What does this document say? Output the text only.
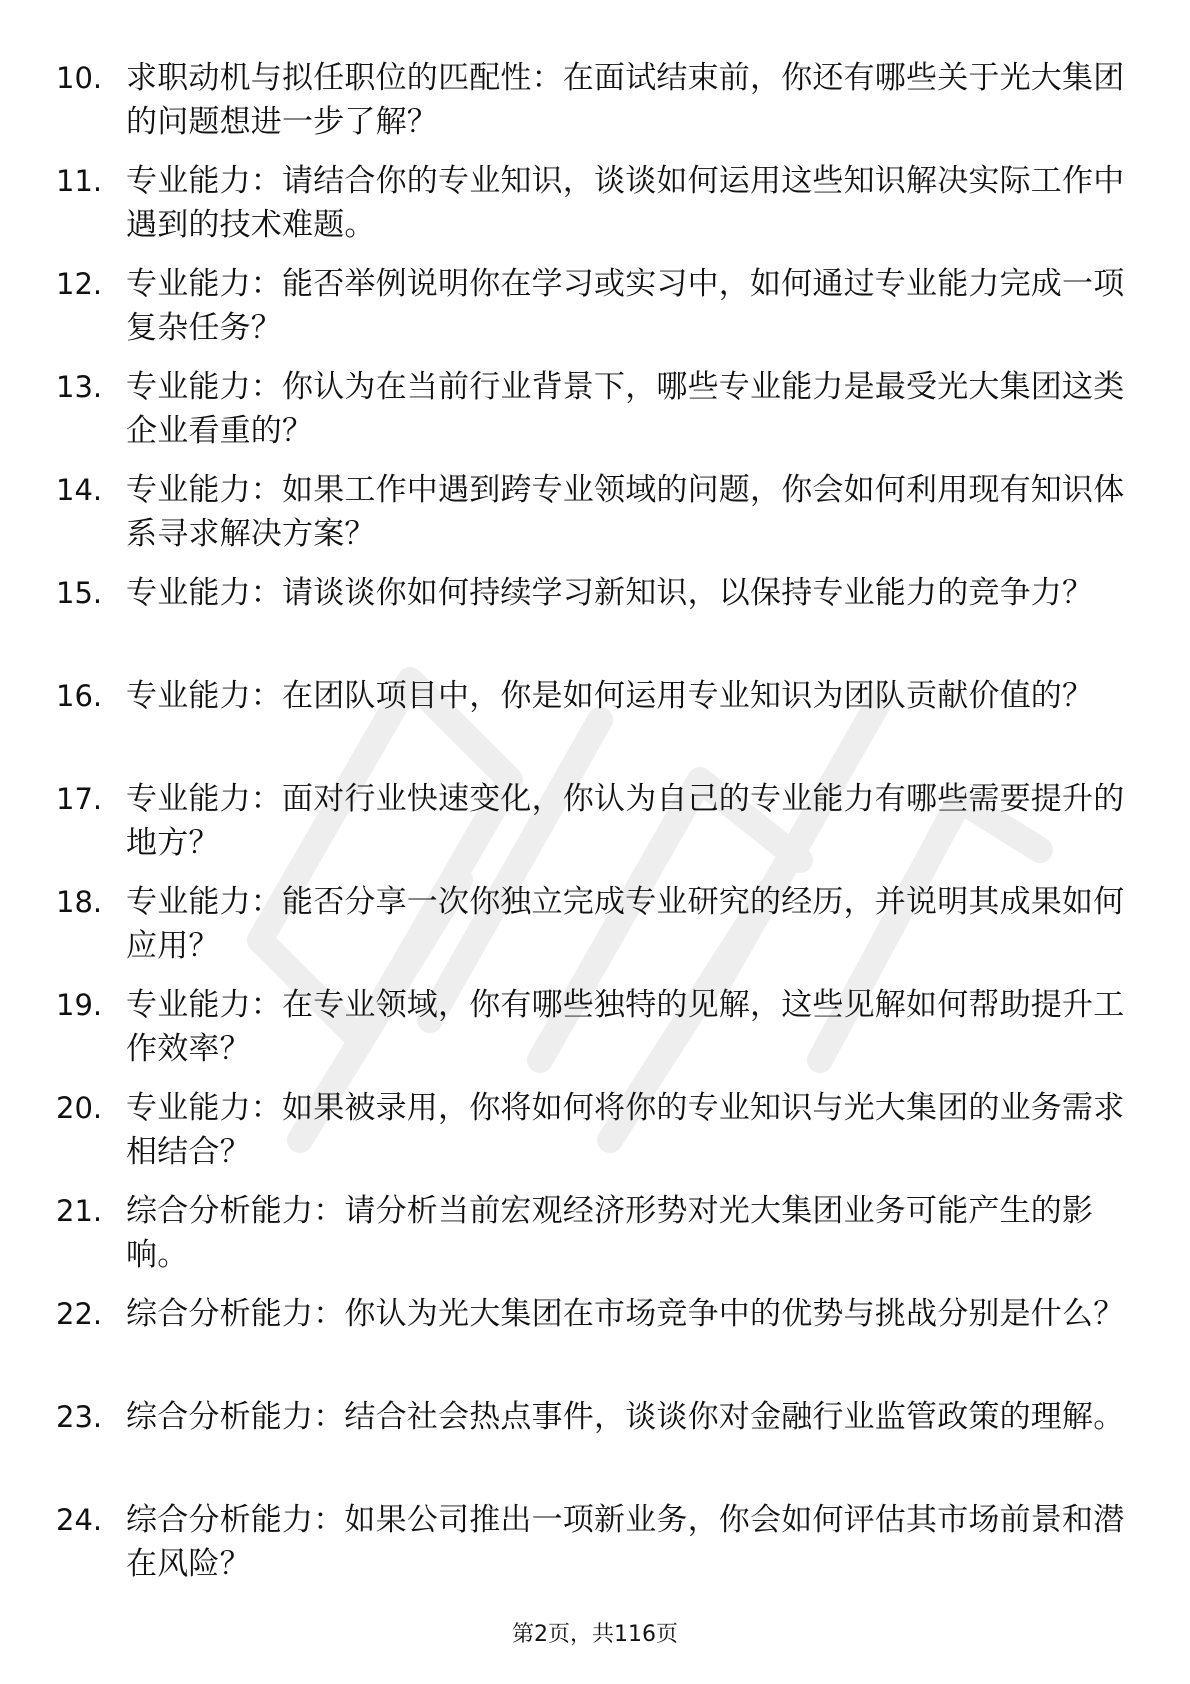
10. 求职动机与拟任职位的匹配性：在面试结束前，你还有哪些关于光大集团的问题想进一步了解？
11. 专业能力：请结合你的专业知识，谈谈如何运用这些知识解决实际工作中遇到的技术难题。
12. 专业能力：能否举例说明你在学习或实习中，如何通过专业能力完成一项复杂任务？
13. 专业能力：你认为在当前行业背景下，哪些专业能力是最受光大集团这类企业看重的？
14. 专业能力：如果工作中遇到跨专业领域的问题，你会如何利用现有知识体系寻求解决方案？
15. 专业能力：请谈谈你如何持续学习新知识，以保持专业能力的竞争力？
16. 专业能力：在团队项目中，你是如何运用专业知识为团队贡献价值的？
17. 专业能力：面对行业快速变化，你认为自己的专业能力有哪些需要提升的地方？
18. 专业能力：能否分享一次你独立完成专业研究的经历，并说明其成果如何应用？
19. 专业能力：在专业领域，你有哪些独特的见解，这些见解如何帮助提升工作效率？
20. 专业能力：如果被录用，你将如何将你的专业知识与光大集团的业务需求相结合？
21. 综合分析能力：请分析当前宏观经济形势对光大集团业务可能产生的影响。
22. 综合分析能力：你认为光大集团在市场竞争中的优势与挑战分别是什么？
23. 综合分析能力：结合社会热点事件，谈谈你对金融行业监管政策的理解。
24. 综合分析能力：如果公司推出一项新业务，你会如何评估其市场前景和潜在风险？
第2页，共116页
